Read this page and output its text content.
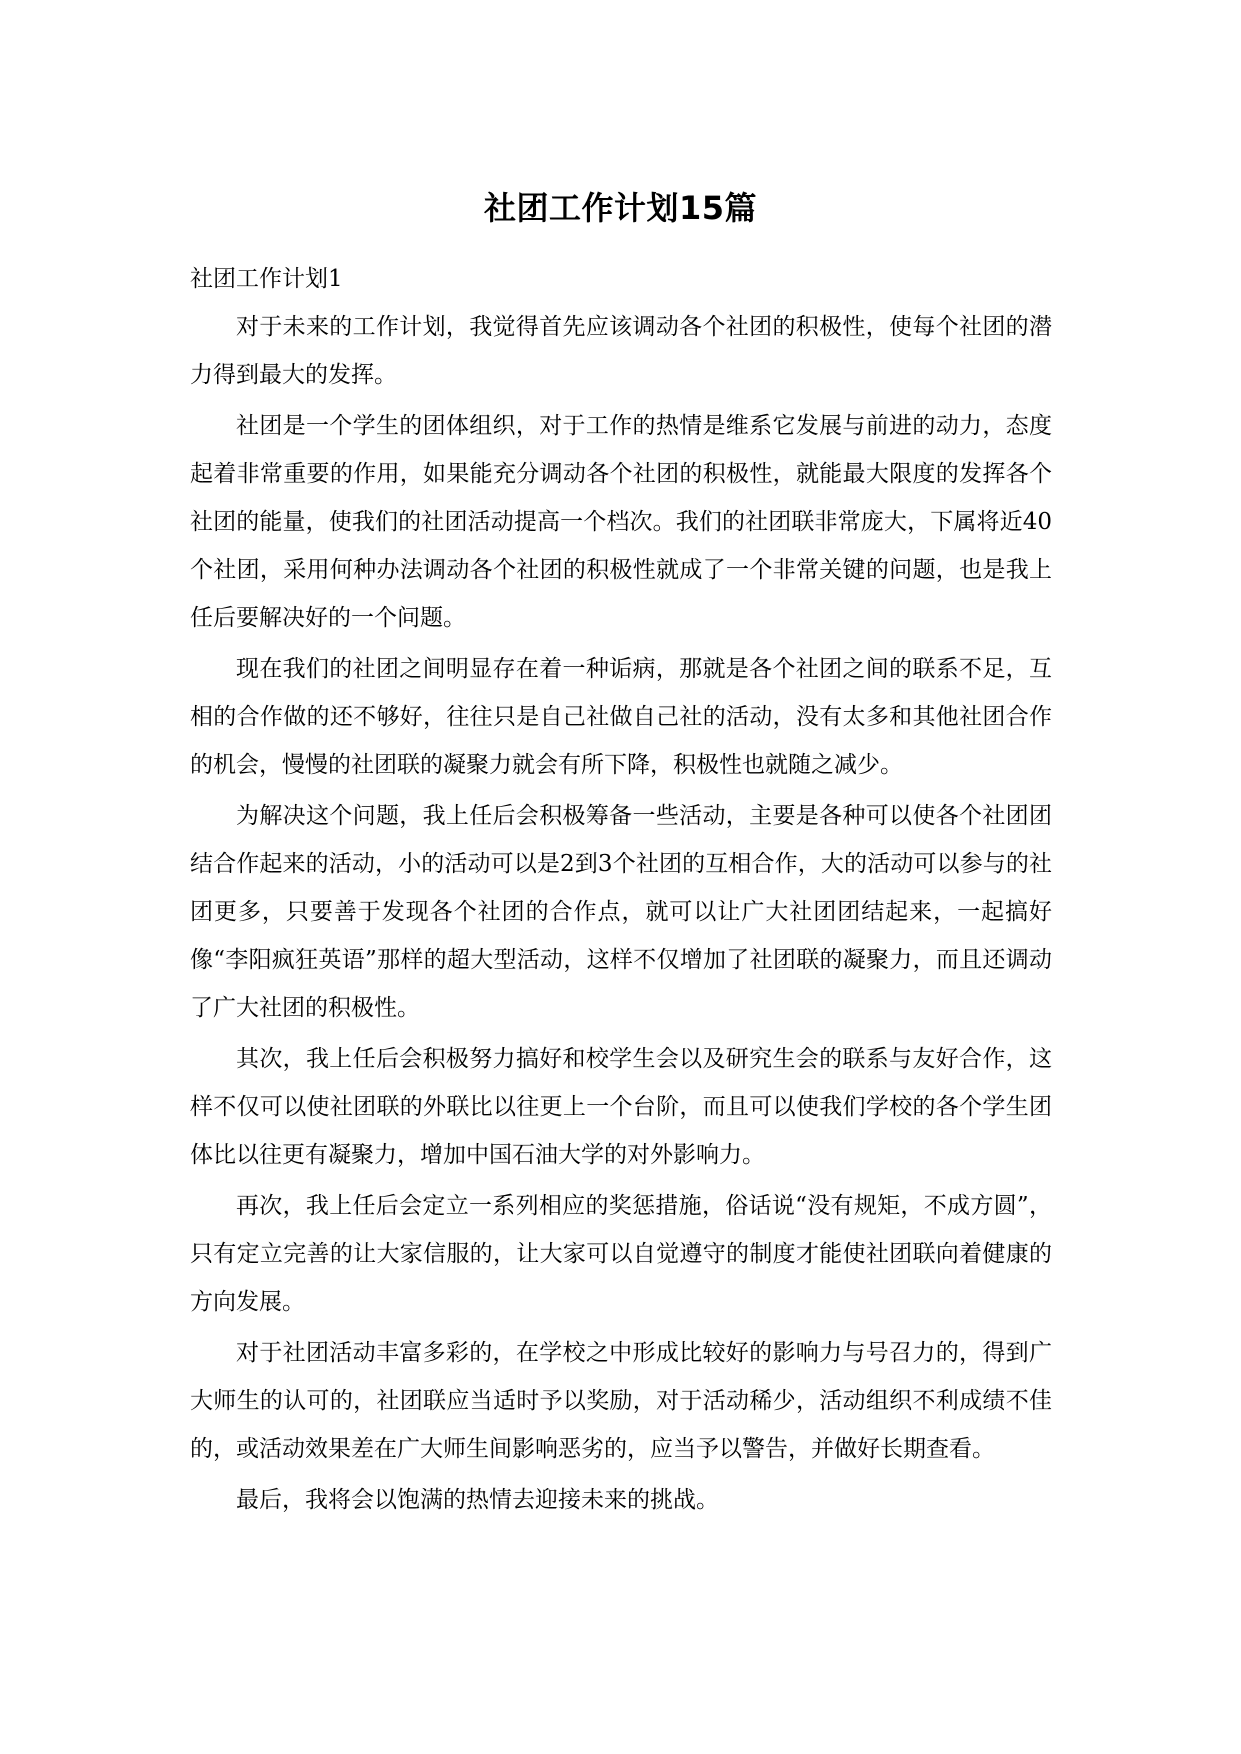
社团工作计划15篇

社团工作计划1

对于未来的工作计划，我觉得首先应该调动各个社团的积极性，使每个社团的潜力得到最大的发挥。

社团是一个学生的团体组织，对于工作的热情是维系它发展与前进的动力，态度起着非常重要的作用，如果能充分调动各个社团的积极性，就能最大限度的发挥各个社团的能量，使我们的社团活动提高一个档次。我们的社团联非常庞大，下属将近40个社团，采用何种办法调动各个社团的积极性就成了一个非常关键的问题，也是我上任后要解决好的一个问题。

现在我们的社团之间明显存在着一种诟病，那就是各个社团之间的联系不足，互相的合作做的还不够好，往往只是自己社做自己社的活动，没有太多和其他社团合作的机会，慢慢的社团联的凝聚力就会有所下降，积极性也就随之减少。

为解决这个问题，我上任后会积极筹备一些活动，主要是各种可以使各个社团团结合作起来的活动，小的活动可以是2到3个社团的互相合作，大的活动可以参与的社团更多，只要善于发现各个社团的合作点，就可以让广大社团团结起来，一起搞好像“李阳疯狂英语”那样的超大型活动，这样不仅增加了社团联的凝聚力，而且还调动了广大社团的积极性。

其次，我上任后会积极努力搞好和校学生会以及研究生会的联系与友好合作，这样不仅可以使社团联的外联比以往更上一个台阶，而且可以使我们学校的各个学生团体比以往更有凝聚力，增加中国石油大学的对外影响力。

再次，我上任后会定立一系列相应的奖惩措施，俗话说“没有规矩，不成方圆”，只有定立完善的让大家信服的，让大家可以自觉遵守的制度才能使社团联向着健康的方向发展。

对于社团活动丰富多彩的，在学校之中形成比较好的影响力与号召力的，得到广大师生的认可的，社团联应当适时予以奖励，对于活动稀少，活动组织不利成绩不佳的，或活动效果差在广大师生间影响恶劣的，应当予以警告，并做好长期查看。

最后，我将会以饱满的热情去迎接未来的挑战。
